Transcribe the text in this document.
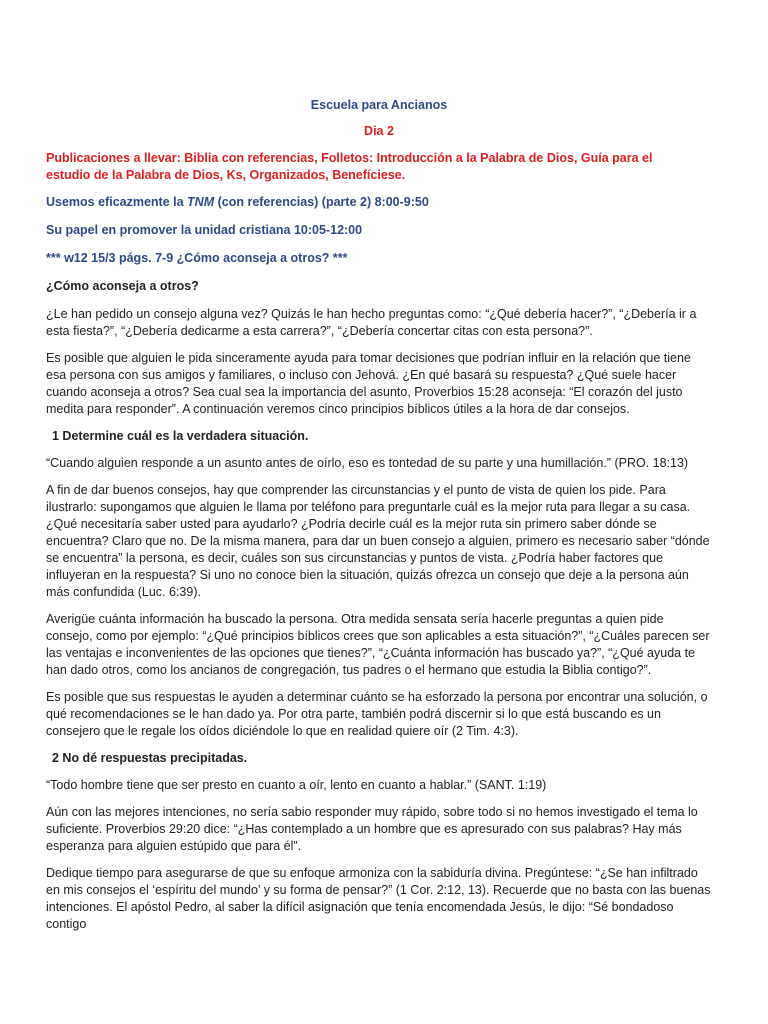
Escuela para Ancianos

Dia 2

Publicaciones a llevar: Biblia con referencias, Folletos: Introducción a la Palabra de Dios, Guía para el estudio de la Palabra de Dios, Ks, Organizados, Benefíciese.

Usemos eficazmente la TNM (con referencias) (parte 2) 8:00-9:50

Su papel en promover la unidad cristiana 10:05-12:00

*** w12 15/3 págs. 7-9 ¿Cómo aconseja a otros? ***

¿Cómo aconseja a otros?

¿Le han pedido un consejo alguna vez? Quizás le han hecho preguntas como: “¿Qué debería hacer?”, “¿Debería ir a esta fiesta?”, “¿Debería dedicarme a esta carrera?”, “¿Debería concertar citas con esta persona?”.

Es posible que alguien le pida sinceramente ayuda para tomar decisiones que podrían influir en la relación que tiene esa persona con sus amigos y familiares, o incluso con Jehová. ¿En qué basará su respuesta? ¿Qué suele hacer cuando aconseja a otros? Sea cual sea la importancia del asunto, Proverbios 15:28 aconseja: “El corazón del justo medita para responder”. A continuación veremos cinco principios bíblicos útiles a la hora de dar consejos.

1 Determine cuál es la verdadera situación.

“Cuando alguien responde a un asunto antes de oírlo, eso es tontedad de su parte y una humillación.” (PRO. 18:13)

A fin de dar buenos consejos, hay que comprender las circunstancias y el punto de vista de quien los pide. Para ilustrarlo: supongamos que alguien le llama por teléfono para preguntarle cuál es la mejor ruta para llegar a su casa. ¿Qué necesitaría saber usted para ayudarlo? ¿Podría decirle cuál es la mejor ruta sin primero saber dónde se encuentra? Claro que no. De la misma manera, para dar un buen consejo a alguien, primero es necesario saber “dónde se encuentra” la persona, es decir, cuáles son sus circunstancias y puntos de vista. ¿Podría haber factores que influyeran en la respuesta? Si uno no conoce bien la situación, quizás ofrezca un consejo que deje a la persona aún más confundida (Luc. 6:39).

Averigüe cuánta información ha buscado la persona. Otra medida sensata sería hacerle preguntas a quien pide consejo, como por ejemplo: “¿Qué principios bíblicos crees que son aplicables a esta situación?”, “¿Cuáles parecen ser las ventajas e inconvenientes de las opciones que tienes?”, “¿Cuánta información has buscado ya?”, “¿Qué ayuda te han dado otros, como los ancianos de congregación, tus padres o el hermano que estudia la Biblia contigo?”.

Es posible que sus respuestas le ayuden a determinar cuánto se ha esforzado la persona por encontrar una solución, o qué recomendaciones se le han dado ya. Por otra parte, también podrá discernir si lo que está buscando es un consejero que le regale los oídos diciéndole lo que en realidad quiere oír (2 Tim. 4:3).

2 No dé respuestas precipitadas.

“Todo hombre tiene que ser presto en cuanto a oír, lento en cuanto a hablar.” (SANT. 1:19)

Aún con las mejores intenciones, no sería sabio responder muy rápido, sobre todo si no hemos investigado el tema lo suficiente. Proverbios 29:20 dice: “¿Has contemplado a un hombre que es apresurado con sus palabras? Hay más esperanza para alguien estúpido que para él”.

Dedique tiempo para asegurarse de que su enfoque armoniza con la sabiduría divina. Pregúntese: “¿Se han infiltrado en mis consejos el ‘espíritu del mundo’ y su forma de pensar?” (1 Cor. 2:12, 13). Recuerde que no basta con las buenas intenciones. El apóstol Pedro, al saber la difícil asignación que tenía encomendada Jesús, le dijo: “Sé bondadoso contigo
